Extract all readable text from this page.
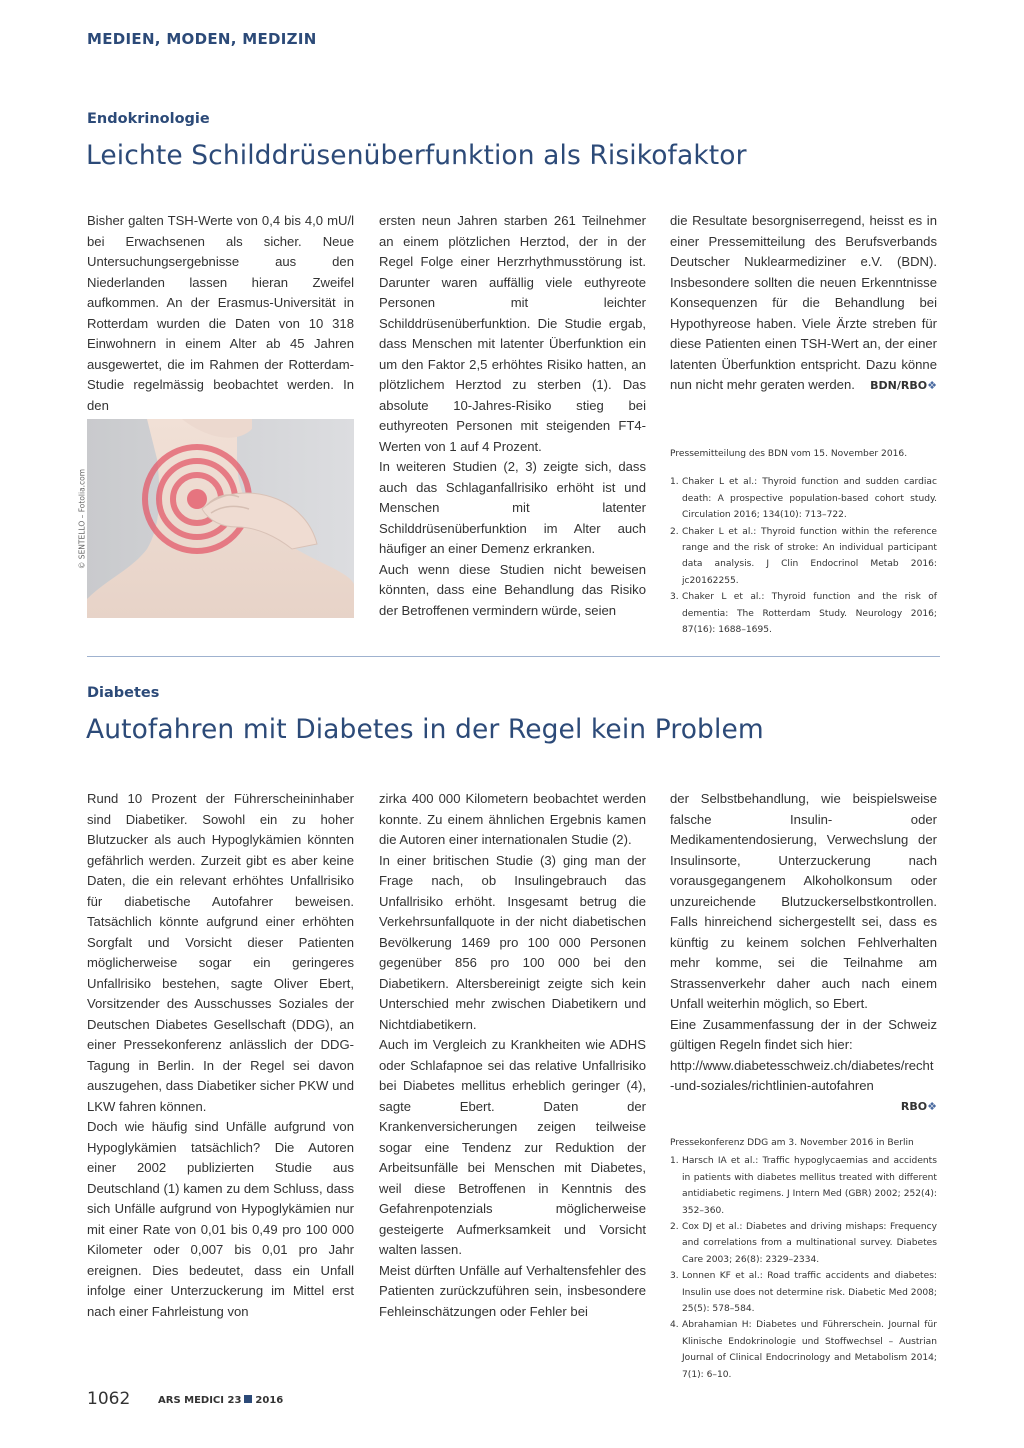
MEDIEN, MODEN, MEDIZIN
Endokrinologie
Leichte Schilddrüsenüberfunktion als Risikofaktor

Bisher galten TSH-Werte von 0,4 bis 4,0 mU/l bei Erwachsenen als sicher. Neue Untersuchungsergebnisse aus den Niederlanden lassen hieran Zweifel aufkommen. An der Erasmus-Universität in Rotterdam wurden die Daten von 10 318 Einwohnern in einem Alter ab 45 Jahren ausgewertet, die im Rahmen der Rotterdam-Studie regelmässig beobachtet werden. In den

© SENTELLO – Fotolia.com

ersten neun Jahren starben 261 Teilnehmer an einem plötzlichen Herztod, der in der Regel Folge einer Herzrhythmusstörung ist. Darunter waren auffällig viele euthyreote Personen mit leichter Schilddrüsenüberfunktion. Die Studie ergab, dass Menschen mit latenter Überfunktion ein um den Faktor 2,5 erhöhtes Risiko hatten, an plötzlichem Herztod zu sterben (1). Das absolute 10-Jahres-Risiko stieg bei euthyreoten Personen mit steigenden FT4-Werten von 1 auf 4 Prozent.

In weiteren Studien (2, 3) zeigte sich, dass auch das Schlaganfallrisiko erhöht ist und Menschen mit latenter Schilddrüsenüberfunktion im Alter auch häufiger an einer Demenz erkranken.

Auch wenn diese Studien nicht beweisen könnten, dass eine Behandlung das Risiko der Betroffenen vermindern würde, seien

die Resultate besorgniserregend, heisst es in einer Pressemitteilung des Berufsverbands Deutscher Nuklearmediziner e.V. (BDN). Insbesondere sollten die neuen Erkenntnisse Konsequenzen für die Behandlung bei Hypothyreose haben. Viele Ärzte streben für diese Patienten einen TSH-Wert an, der einer latenten Überfunktion entspricht. Dazu könne nun nicht mehr geraten werden.	BDN/RBO❖
Pressemitteilung des BDN vom 15. November 2016.
1. Chaker L et al.: Thyroid function and sudden cardiac death: A prospective population-based cohort study. Circulation 2016; 134(10): 713–722.
2. Chaker L et al.: Thyroid function within the reference range and the risk of stroke: An individual participant data analysis. J Clin Endocrinol Metab 2016: jc20162255.
3. Chaker L et al.: Thyroid function and the risk of dementia: The Rotterdam Study. Neurology 2016; 87(16): 1688–1695.
Diabetes
Autofahren mit Diabetes in der Regel kein Problem

Rund 10 Prozent der Führerscheininhaber sind Diabetiker. Sowohl ein zu hoher Blutzucker als auch Hypoglykämien könnten gefährlich werden. Zurzeit gibt es aber keine Daten, die ein relevant erhöhtes Unfallrisiko für diabetische Autofahrer beweisen. Tatsächlich könnte aufgrund einer erhöhten Sorgfalt und Vorsicht dieser Patienten möglicherweise sogar ein geringeres Unfallrisiko bestehen, sagte Oliver Ebert, Vorsitzender des Ausschusses Soziales der Deutschen Diabetes Gesellschaft (DDG), an einer Pressekonferenz anlässlich der DDG-Tagung in Berlin. In der Regel sei davon auszugehen, dass Diabetiker sicher PKW und LKW fahren können.

Doch wie häufig sind Unfälle aufgrund von Hypoglykämien tatsächlich? Die Autoren einer 2002 publizierten Studie aus Deutschland (1) kamen zu dem Schluss, dass sich Unfälle aufgrund von Hypoglykämien nur mit einer Rate von 0,01 bis 0,49 pro 100 000 Kilometer oder 0,007 bis 0,01 pro Jahr ereignen. Dies bedeutet, dass ein Unfall infolge einer Unterzuckerung im Mittel erst nach einer Fahrleistung von

zirka 400 000 Kilometern beobachtet werden konnte. Zu einem ähnlichen Ergebnis kamen die Autoren einer internationalen Studie (2).

In einer britischen Studie (3) ging man der Frage nach, ob Insulingebrauch das Unfallrisiko erhöht. Insgesamt betrug die Verkehrsunfallquote in der nicht diabetischen Bevölkerung 1469 pro 100 000 Personen gegenüber 856 pro 100 000 bei den Diabetikern. Altersbereinigt zeigte sich kein Unterschied mehr zwischen Diabetikern und Nichtdiabetikern.

Auch im Vergleich zu Krankheiten wie ADHS oder Schlafapnoe sei das relative Unfallrisiko bei Diabetes mellitus erheblich geringer (4), sagte Ebert. Daten der Krankenversicherungen zeigen teilweise sogar eine Tendenz zur Reduktion der Arbeitsunfälle bei Menschen mit Diabetes, weil diese Betroffenen in Kenntnis des Gefahrenpotenzials möglicherweise gesteigerte Aufmerksamkeit und Vorsicht walten lassen.

Meist dürften Unfälle auf Verhaltensfehler des Patienten zurückzuführen sein, insbesondere Fehleinschätzungen oder Fehler bei

der Selbstbehandlung, wie beispielsweise falsche Insulin- oder Medikamentendosierung, Verwechslung der Insulinsorte, Unterzuckerung nach vorausgegangenem Alkoholkonsum oder unzureichende Blutzuckerselbstkontrollen. Falls hinreichend sichergestellt sei, dass es künftig zu keinem solchen Fehlverhalten mehr komme, sei die Teilnahme am Strassenverkehr daher auch nach einem Unfall weiterhin möglich, so Ebert.

Eine Zusammenfassung der in der Schweiz gültigen Regeln findet sich hier:

http://www.diabetesschweiz.ch/diabetes/recht-und-soziales/richtlinien-autofahren

RBO❖
Pressekonferenz DDG am 3. November 2016 in Berlin
1. Harsch IA et al.: Traffic hypoglycaemias and accidents in patients with diabetes mellitus treated with different antidiabetic regimens. J Intern Med (GBR) 2002; 252(4): 352–360.
2. Cox DJ et al.: Diabetes and driving mishaps: Frequency and correlations from a multinational survey. Diabetes Care 2003; 26(8): 2329–2334.
3. Lonnen KF et al.: Road traffic accidents and diabetes: Insulin use does not determine risk. Diabetic Med 2008; 25(5): 578–584.
4. Abrahamian H: Diabetes und Führerschein. Journal für Klinische Endokrinologie und Stoffwechsel – Austrian Journal of Clinical Endocrinology and Metabolism 2014; 7(1): 6–10.
1062	ARS MEDICI 23 2016
